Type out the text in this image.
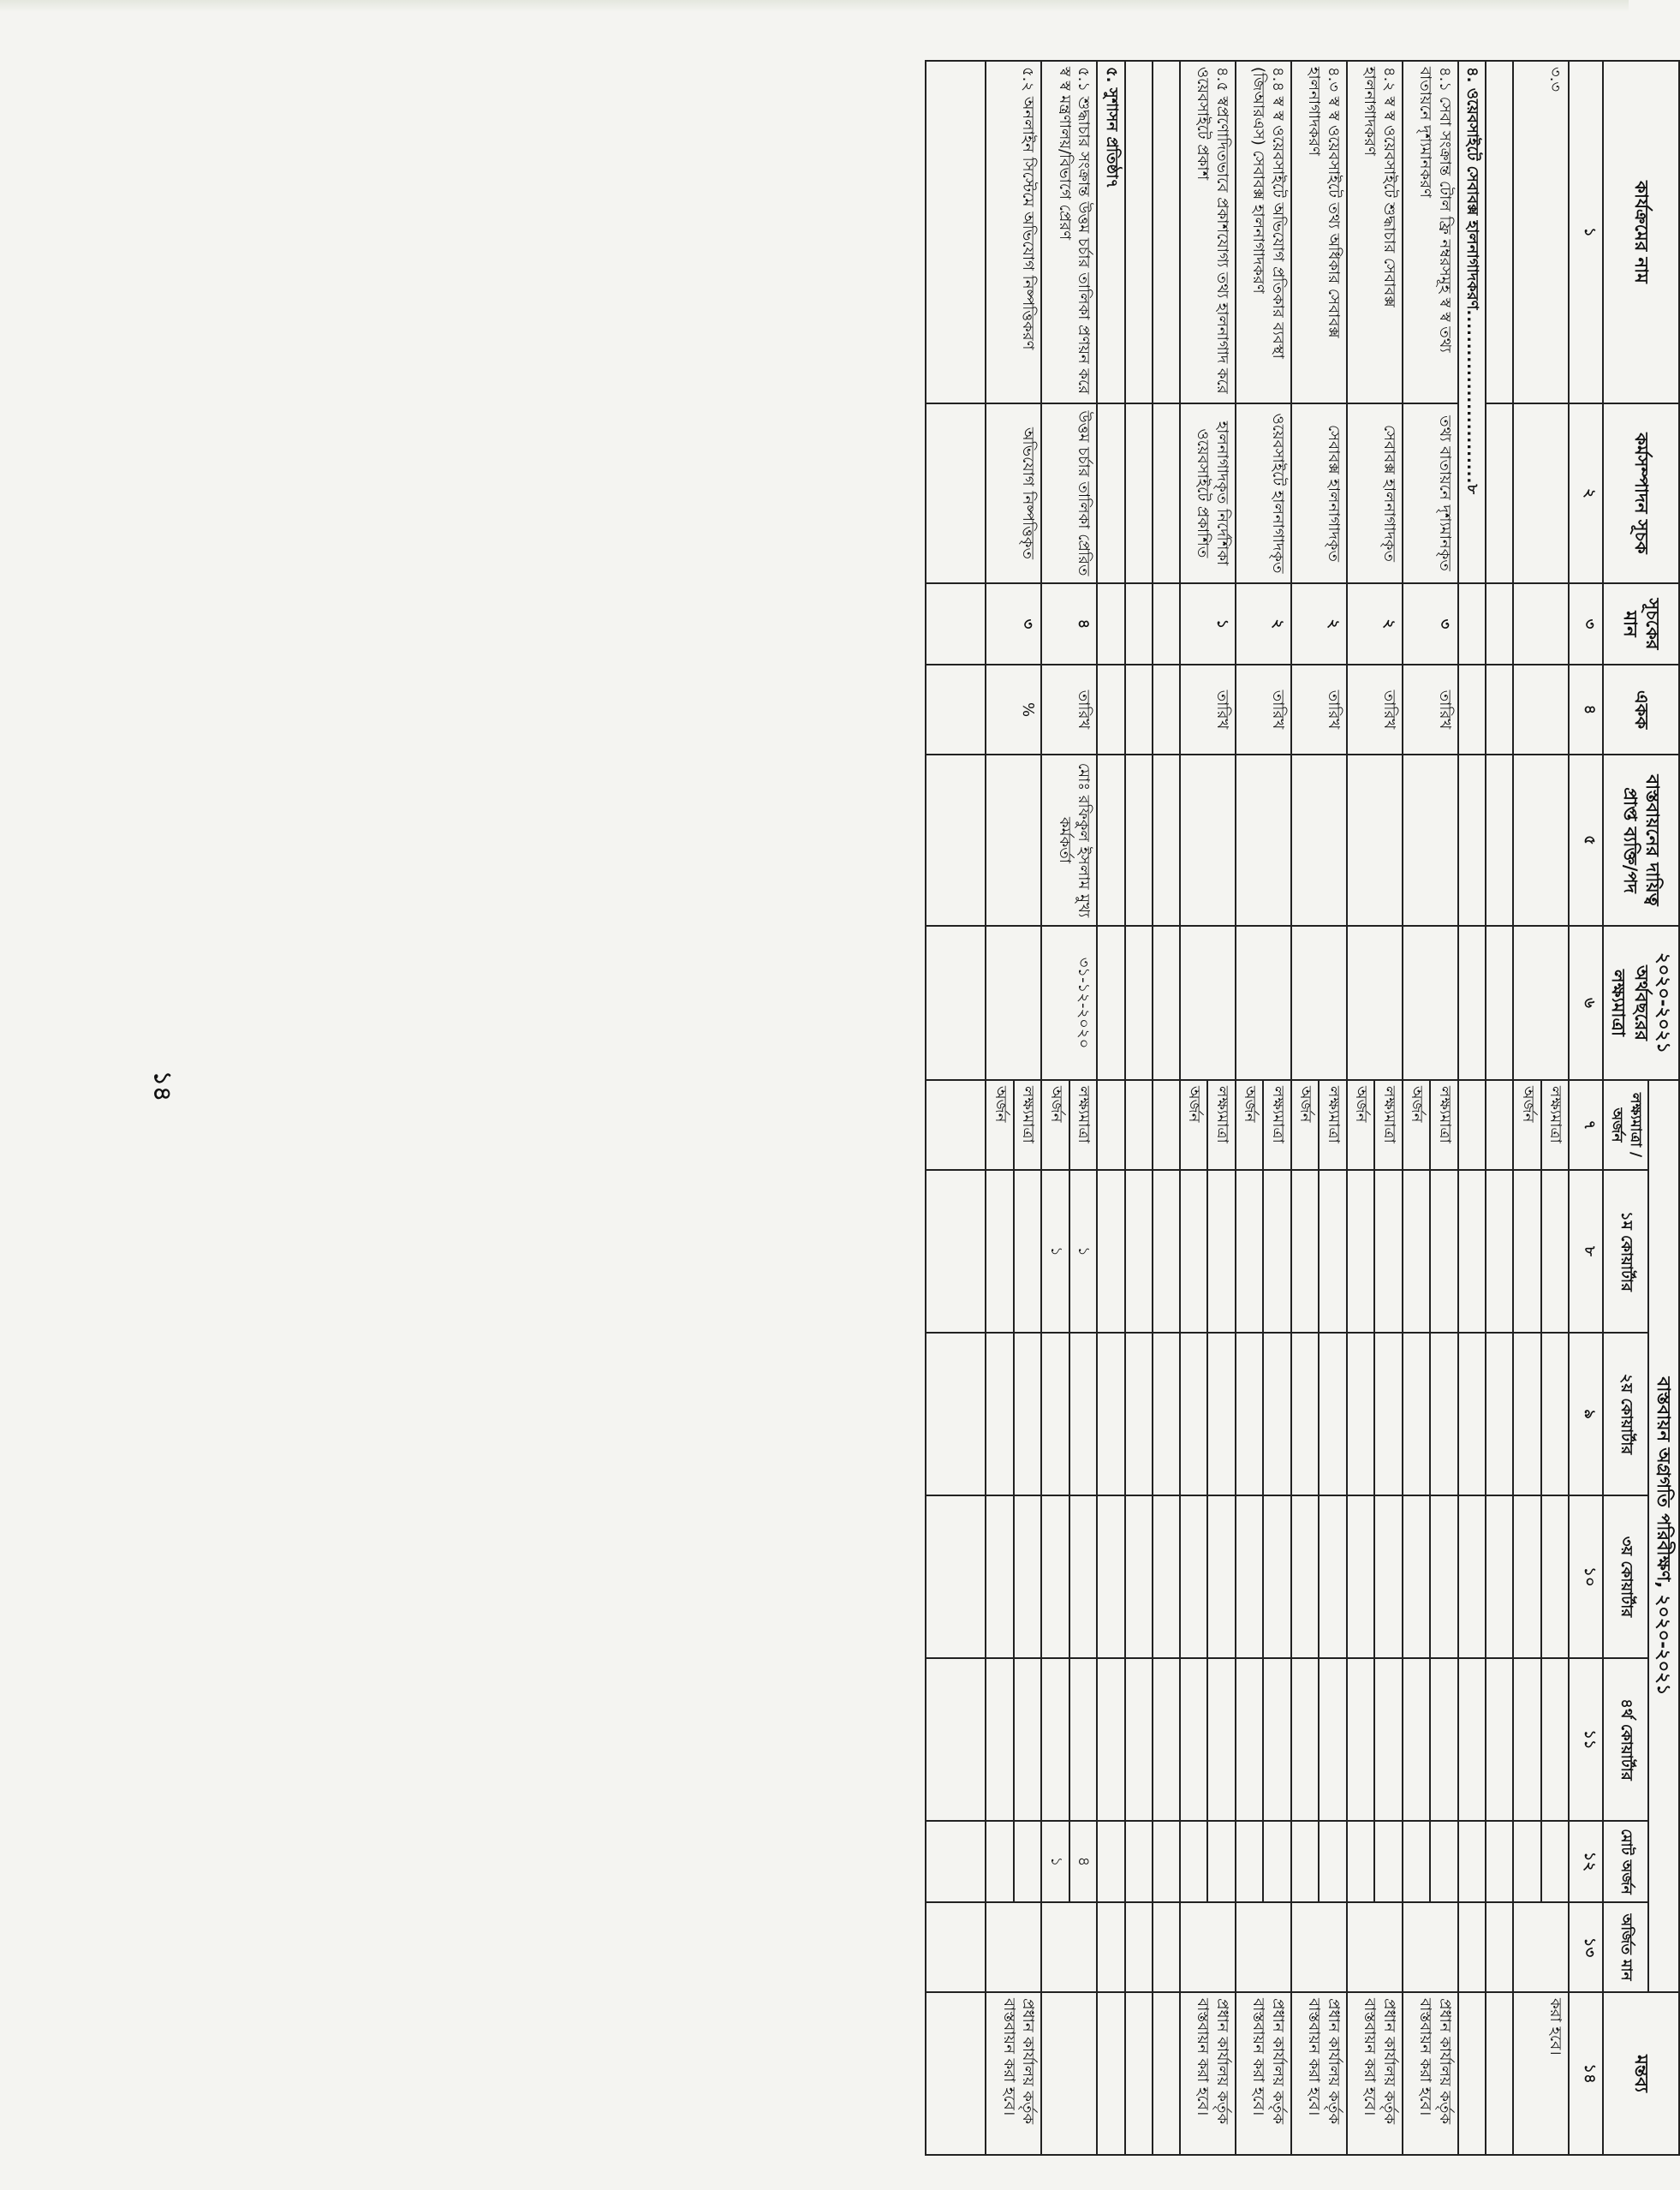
১৪
কার্যক্রমের নাম	কর্মসম্পাদন সূচক	সূচকের মান	একক	বাস্তবায়নের দায়িত্ব প্রাপ্ত ব্যক্তি/পদ	২০২০-২০২১ অর্থবছরের লক্ষ্যমাত্রা	বাস্তবায়ন অগ্রগতি পরিবীক্ষণ, ২০২০-২০২১							মন্তব্য
						লক্ষ্যমাত্রা /অর্জন	১ম কোয়ার্টার	২য় কোয়ার্টার	৩য় কোয়ার্টার	৪র্থ কোয়ার্টার	মোট অর্জন	অর্জিত মান	
১	২	৩	৪	৫	৬	৭	৮	৯	১০	১১	১২	১৩	১৪
৩.৩						লক্ষ্যমাত্রা							করা হবে।
						অর্জন							

৪. ওয়েবসাইটে সেবাবক্স হালনাগাদকরণ..........................৮													
৪.১ সেবা সংক্রান্ত টোল ফ্রি নম্বরসমূহ স্ব স্ব তথ্য বাতায়নে দৃশ্যমানকরণ	তথ্য বাতায়নে দৃশ্যমানকৃত	৩	তারিখ			লক্ষ্যমাত্রা							প্রধান কার্যালয় কর্তৃক বাস্তবায়ন করা হবে।
						অর্জন							
৪.২ স্ব স্ব ওয়েবসাইটে শুদ্ধাচার সেবাবক্স হালনাগাদকরণ	সেবাবক্স হালনাগাদকৃত	২	তারিখ			লক্ষ্যমাত্রা							প্রধান কার্যালয় কর্তৃক বাস্তবায়ন করা হবে।
						অর্জন							
৪.৩ স্ব স্ব ওয়েবসাইটে তথ্য অধিকার সেবাবক্স হালনাগাদকরণ	সেবাবক্স হালনাগাদকৃত	২	তারিখ			লক্ষ্যমাত্রা							প্রধান কার্যালয় কর্তৃক বাস্তবায়ন করা হবে।
						অর্জন							
৪.৪ স্ব স্ব ওয়েবসাইটে অভিযোগ প্রতিকার ব্যবস্থা (জিআরএস) সেবাবক্স হালনাগাদকরণ	ওয়েবসাইটে হালনাগাদকৃত	২	তারিখ			লক্ষ্যমাত্রা							প্রধান কার্যালয় কর্তৃক বাস্তবায়ন করা হবে।
						অর্জন							
৪.৫ স্বপ্রণোদিতভাবে প্রকাশযোগ্য তথ্য হালনাগাদ করে ওয়েবসাইটে প্রকাশ	হালনাগাদকৃত নির্দেশিকা ওয়েবসাইটে প্রকাশিত	১	তারিখ			লক্ষ্যমাত্রা							প্রধান কার্যালয় কর্তৃক বাস্তবায়ন করা হবে।
						অর্জন							

৫. সুশাসন প্রতিষ্ঠা৭													
৫.১ শুদ্ধাচার সংক্রান্ত উত্তম চর্চার তালিকা প্রণয়ন করে স্ব স্ব মন্ত্রণালয়/বিভাগে প্রেরণ	উত্তম চর্চার তালিকা প্রেরিত	৪	তারিখ	মোঃ রফিকুল ইসলাম মুখ্য কর্মকর্তা	৩১-১২-২০২০	লক্ষ্যমাত্রা	১				৪		
						অর্জন	১				১		
৫.২ অনলাইন সিস্টেমে অভিযোগ নিষ্পত্তিকরণ	অভিযোগ নিষ্পত্তিকৃত	৩	%			লক্ষ্যমাত্রা							প্রধান কার্যালয় কর্তৃক বাস্তবায়ন করা হবে।
						অর্জন							
